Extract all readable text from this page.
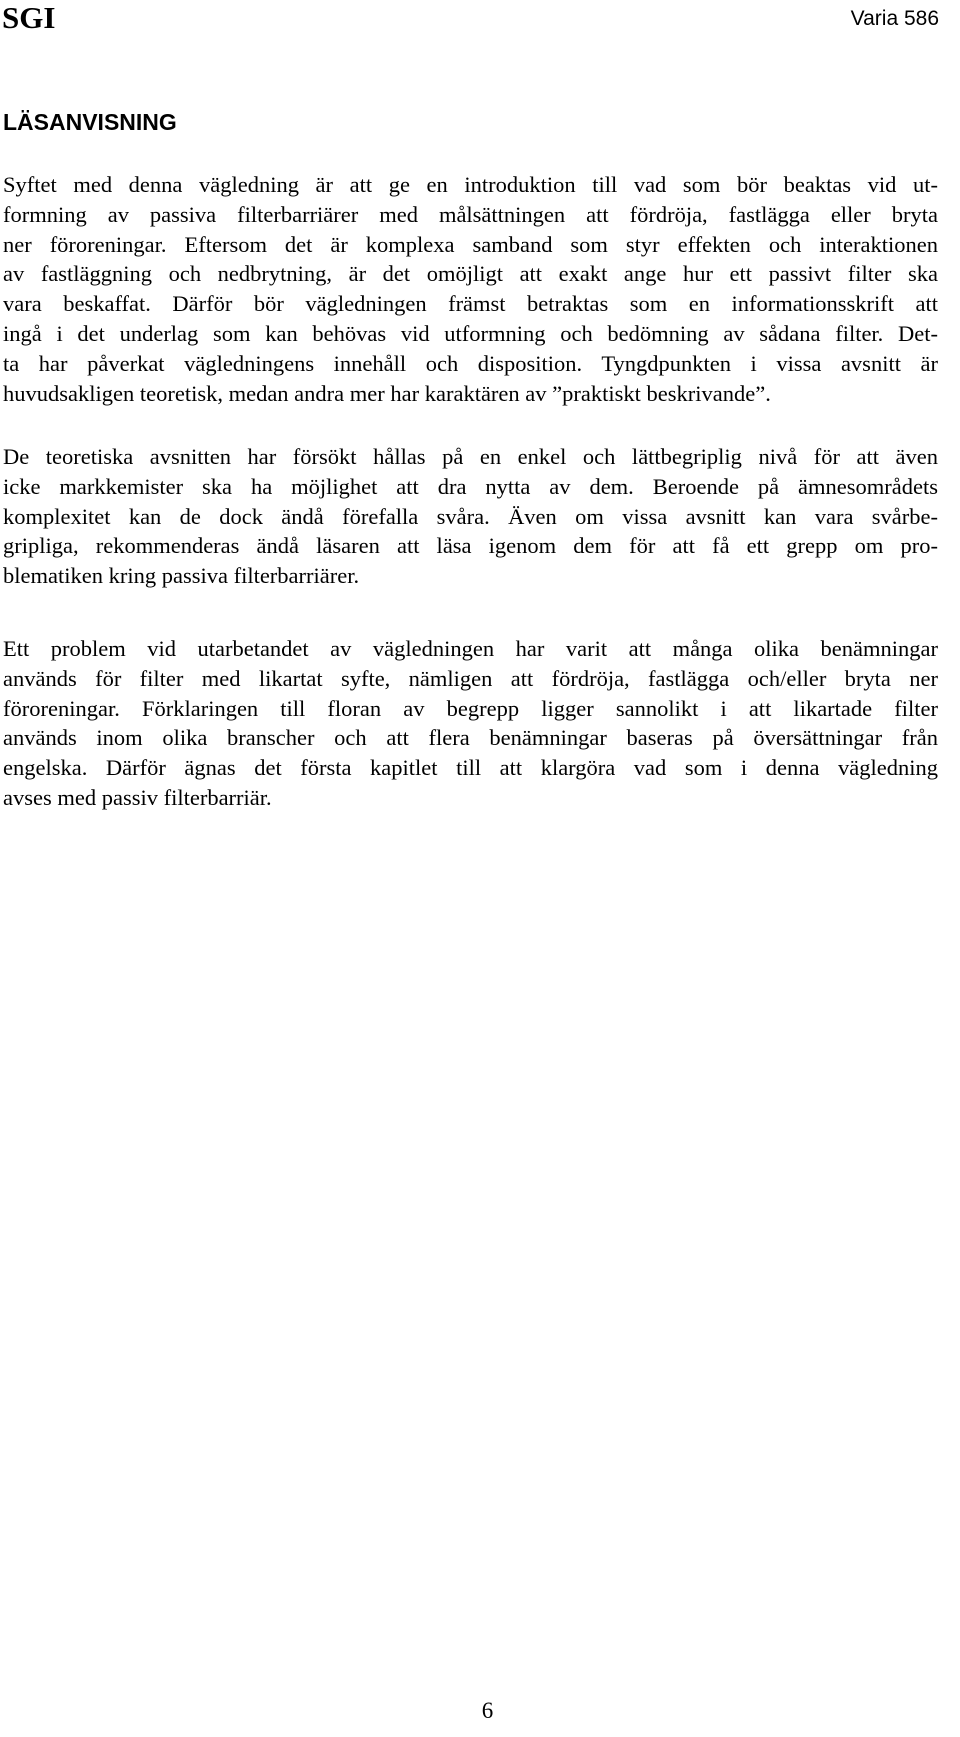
SGI	Varia 586
LÄSANVISNING
Syftet med denna vägledning är att ge en introduktion till vad som bör beaktas vid ut-
formning av passiva filterbarriärer med målsättningen att fördröja, fastlägga eller bryta
ner föroreningar. Eftersom det är komplexa samband som styr effekten och interaktionen
av fastläggning och nedbrytning, är det omöjligt att exakt ange hur ett passivt filter ska
vara beskaffat. Därför bör vägledningen främst betraktas som en informationsskrift att
ingå i det underlag som kan behövas vid utformning och bedömning av sådana filter. Det-
ta har påverkat vägledningens innehåll och disposition. Tyngdpunkten i vissa avsnitt är
huvudsakligen teoretisk, medan andra mer har karaktären av ”praktiskt beskrivande”.
De teoretiska avsnitten har försökt hållas på en enkel och lättbegriplig nivå för att även
icke markkemister ska ha möjlighet att dra nytta av dem. Beroende på ämnesområdets
komplexitet kan de dock ändå förefalla svåra. Även om vissa avsnitt kan vara svårbe-
gripliga, rekommenderas ändå läsaren att läsa igenom dem för att få ett grepp om pro-
blematiken kring passiva filterbarriärer.
Ett problem vid utarbetandet av vägledningen har varit att många olika benämningar
används för filter med likartat syfte, nämligen att fördröja, fastlägga och/eller bryta ner
föroreningar. Förklaringen till floran av begrepp ligger sannolikt i att likartade filter
används inom olika branscher och att flera benämningar baseras på översättningar från
engelska. Därför ägnas det första kapitlet till att klargöra vad som i denna vägledning
avses med passiv filterbarriär.
6
